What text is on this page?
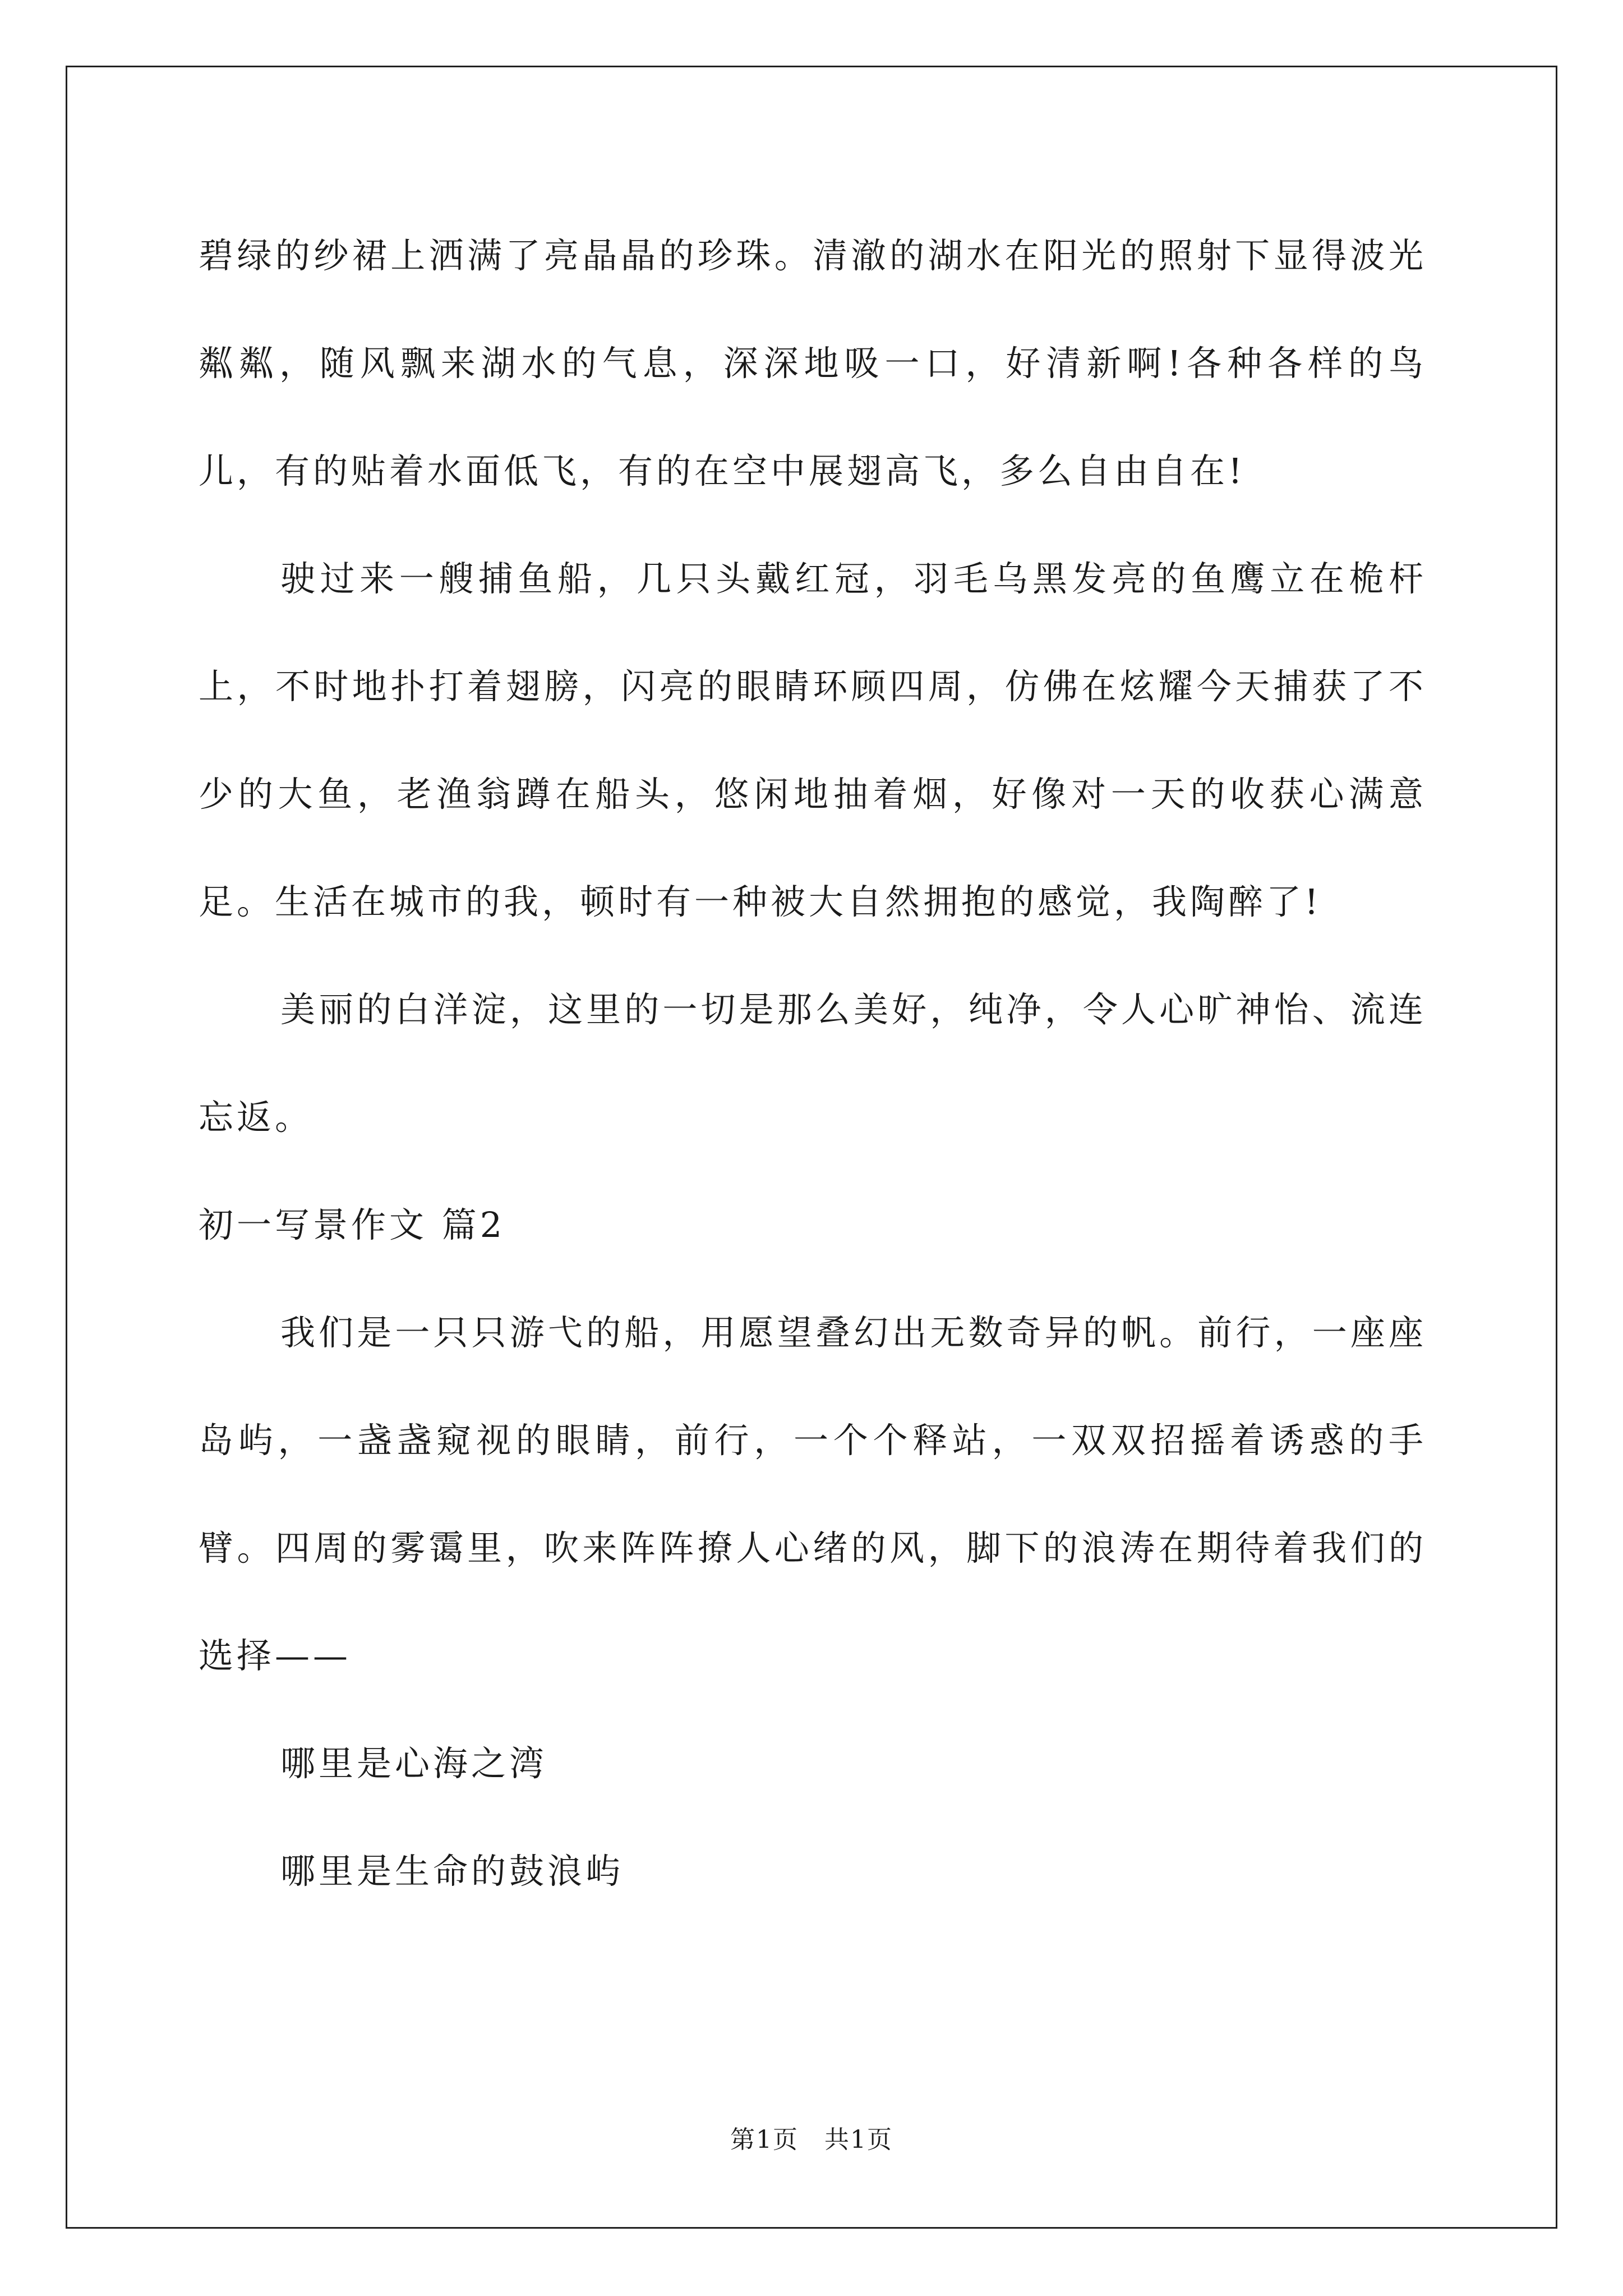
碧绿的纱裙上洒满了亮晶晶的珍珠。清澈的湖水在阳光的照射下显得波光粼粼，随风飘来湖水的气息，深深地吸一口，好清新啊!各种各样的鸟儿，有的贴着水面低飞，有的在空中展翅高飞，多么自由自在!

驶过来一艘捕鱼船，几只头戴红冠，羽毛乌黑发亮的鱼鹰立在桅杆上，不时地扑打着翅膀，闪亮的眼睛环顾四周，仿佛在炫耀今天捕获了不少的大鱼，老渔翁蹲在船头，悠闲地抽着烟，好像对一天的收获心满意足。生活在城市的我，顿时有一种被大自然拥抱的感觉，我陶醉了!

美丽的白洋淀，这里的一切是那么美好，纯净，令人心旷神怡、流连忘返。

初一写景作文 篇2

我们是一只只游弋的船，用愿望叠幻出无数奇异的帆。前行，一座座岛屿，一盏盏窥视的眼睛，前行，一个个释站，一双双招摇着诱惑的手臂。四周的雾霭里，吹来阵阵撩人心绪的风，脚下的浪涛在期待着我们的选择——

哪里是心海之湾

哪里是生命的鼓浪屿

第1页　共1页
